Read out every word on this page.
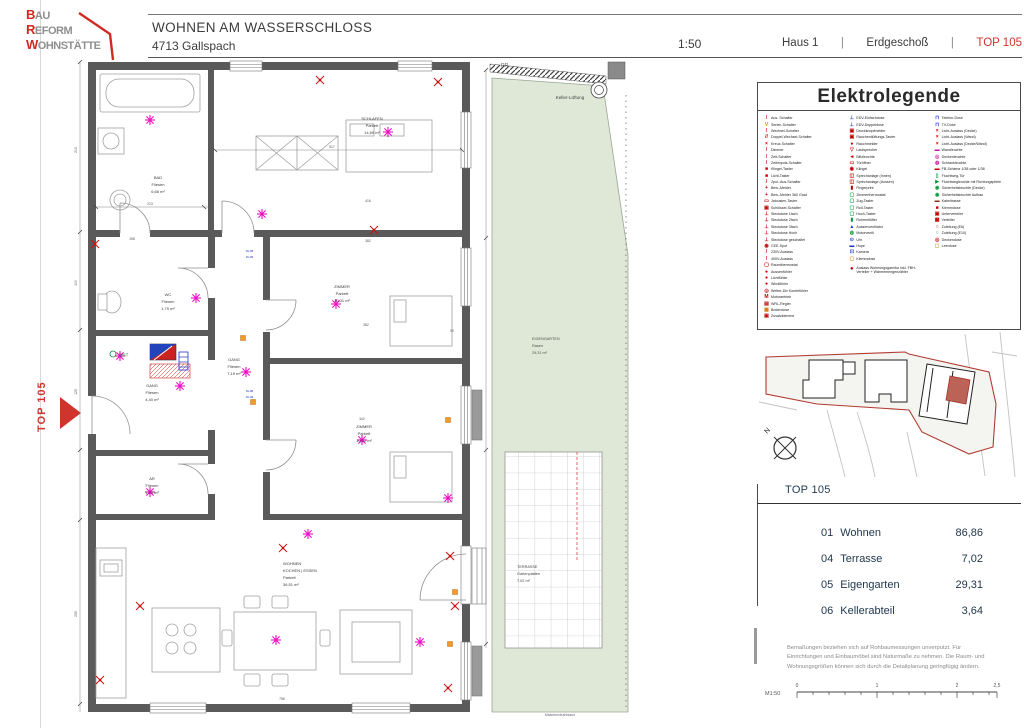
BAU
REFORM
WOHNSTÄTTE
WOHNEN AM WASSERSCHLOSS
4713 Gallspach	1:50	Haus 1 | Erdgeschoß | TOP 105
TOP 105
213
517
416
382
382
342
90
198
756
213
100
125
235
WST
DL08
DL09
DL08
DL09
SCHLAFEN
Parkett
14,69 m²
BAD
Fliesen
6,66 m²
WC
Fliesen
1,79 m²
GANG
Fliesen
7,19 m²
GANG
Fliesen
4,40 m²
AR
Fliesen
1,94 m²
ZIMMER
Parkett
10,31 m²
ZIMMER
Parkett
10,32 m²
WOHNEN
KOCHEN | ESSEN
Parkett
36,51 m²
EIGENGARTEN
Rasen
29,31 m²
TERRASSE
Gartenplatten
7,02 m²
RR
Keller-Lüftung
Maschendrahtzaun
Elektrolegende
/	Aus- Schalter
V Serien-Schalter
/	Wechsel-Schalter
// Doppel-Wechsel-Schalter
× Kreuz-Schalter
/	Dimmer
/	Zeit-Schalter
/	Zeitimpuls-Schalter
■ Klingel-Taster
■ Licht-Taster
/	2pol.-Aus-Schalter
+ Bew.-Melder
+ Bew.-Melder 360 Grad
▭ Jalousien-Taster
▣ Schlüssel-Schalter
⊥ Steckdose 1fach
⊥ Steckdose 2fach
⊥ Steckdose 3fach
⊥ Steckdose Hoch
⊥ Steckdose geschaltet
◉ CEE-Spot
/	230V-Auslass
/	400V-Auslass
▢ Raumthermostat
● Aussenfühler
● Lichtfühler
● Windfühler
◎ Wetter-Div Kombifühler
M Motorantrieb
▤ WRL-Regler
▦ Bodendose
▣ Zusatzklemme
⊥ EDV-Einfachdose
⊥ EDV-Doppeldose
▣ Druckknopfmelder
▣ Rauchentlüftungs-Taster
● Rauchmelder
▽ Lautsprecher
◄ Blitzleuchte
▭ Türöffner
◉ Klingel
◫ Sprechanlage (Innen)
◫ Sprechanlage (Aussen)
▮ Fingerprint
▢ Zimmerthermostat
▢ Zug-Taster
▢ Roll-Taster
▢ Hoch-Taster
▮ Rohrentlüfter
▲ Aussenventilator
◍ Motorventil
⊙ Uhr
▬ Hupe
⊡ Kamera
▢ Klemmdose
● Auslass Wohnungsgarnitur inkl. FBH-Verteiler + Wärmemengenzähler
⊓ Telefon-Dose
⊓ TV-Dose
× Licht-Auslass (Decke)
× Licht-Auslass (Wand)
× Licht-Auslass (Decke/Wand)
▬ Wandleuchte
◎ Deckenleuchte
◍ Schrankleuchte
▬ FB-Schiene 1/38 oder 1/38
▯ Fluchtweg-Tür
▶ Fluchtwegleuchte mit Richtungspfeile
◉ Sicherheitsleuchte (Decke)
◉ Sicherheitsleuchte Aufbau
▬ Kabeltrasse
■ Klemmdose
▣ Unterverteiler
▦ Verteiler
○ Zuleitung (E6)
○ Zuleitung (E10)
◎ Deckendose
▢ Leerdose
N
TOP 105
01 Wohnen	86,86
04 Terrasse	7,02
05 Eigengarten	29,31
06 Kellerabteil	3,64
Bemaßungen beziehen sich auf Rohbaumessungen unverputzt. Für Einrichtungen und Einbaumöbel sind Naturmaße zu nehmen. Die Raum- und Wohnungsgrößen können sich durch die Detailplanung geringfügig ändern.
M1:50
0	1	2	2,5
